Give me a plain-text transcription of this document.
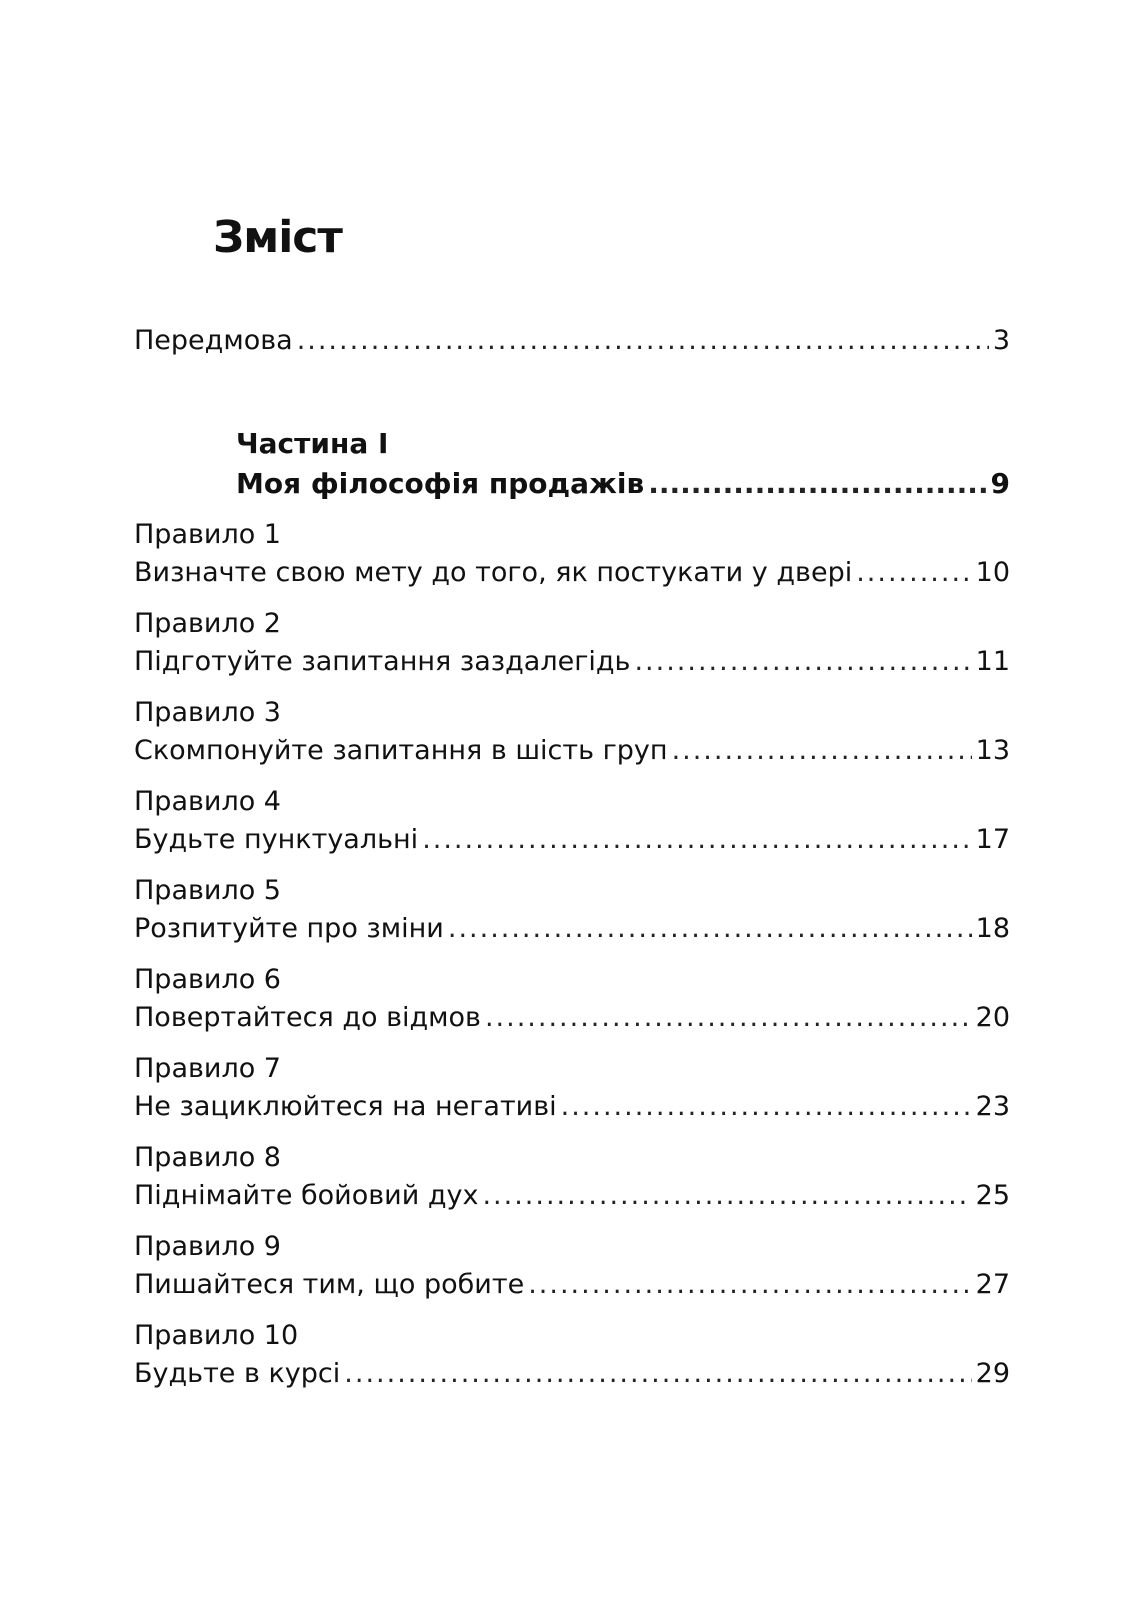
Зміст
Передмова .....	3
Частина I
Моя філософія продажів .....	9
Правило 1
Визначте свою мету до того, як постукати у двері .....	10
Правило 2
Підготуйте запитання заздалегідь .....	11
Правило 3
Скомпонуйте запитання в шість груп .....	13
Правило 4
Будьте пунктуальні .....	17
Правило 5
Розпитуйте про зміни .....	18
Правило 6
Повертайтеся до відмов .....	20
Правило 7
Не зациклюйтеся на негативі .....	23
Правило 8
Піднімайте бойовий дух .....	25
Правило 9
Пишайтеся тим, що робите .....	27
Правило 10
Будьте в курсі .....	29
